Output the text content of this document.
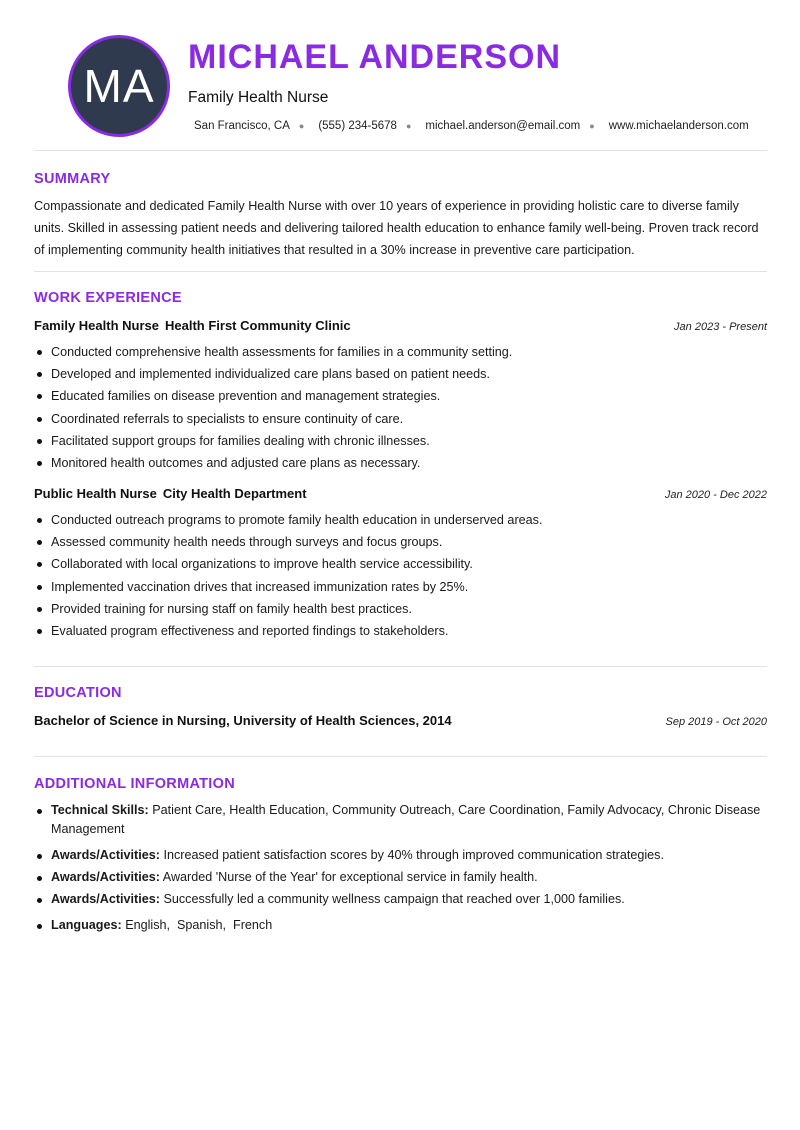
MA
MICHAEL ANDERSON
Family Health Nurse
San Francisco, CA ● (555) 234-5678 ● michael.anderson@email.com ● www.michaelanderson.com
SUMMARY
Compassionate and dedicated Family Health Nurse with over 10 years of experience in providing holistic care to diverse family units. Skilled in assessing patient needs and delivering tailored health education to enhance family well-being. Proven track record of implementing community health initiatives that resulted in a 30% increase in preventive care participation.
WORK EXPERIENCE
Family Health Nurse Health First Community Clinic	Jan 2023 - Present
Conducted comprehensive health assessments for families in a community setting.
Developed and implemented individualized care plans based on patient needs.
Educated families on disease prevention and management strategies.
Coordinated referrals to specialists to ensure continuity of care.
Facilitated support groups for families dealing with chronic illnesses.
Monitored health outcomes and adjusted care plans as necessary.
Public Health Nurse City Health Department	Jan 2020 - Dec 2022
Conducted outreach programs to promote family health education in underserved areas.
Assessed community health needs through surveys and focus groups.
Collaborated with local organizations to improve health service accessibility.
Implemented vaccination drives that increased immunization rates by 25%.
Provided training for nursing staff on family health best practices.
Evaluated program effectiveness and reported findings to stakeholders.
EDUCATION
Bachelor of Science in Nursing, University of Health Sciences, 2014	Sep 2019 - Oct 2020
ADDITIONAL INFORMATION
Technical Skills: Patient Care, Health Education, Community Outreach, Care Coordination, Family Advocacy, Chronic Disease Management
Awards/Activities: Increased patient satisfaction scores by 40% through improved communication strategies.
Awards/Activities: Awarded 'Nurse of the Year' for exceptional service in family health.
Awards/Activities: Successfully led a community wellness campaign that reached over 1,000 families.
Languages: English,  Spanish,  French
